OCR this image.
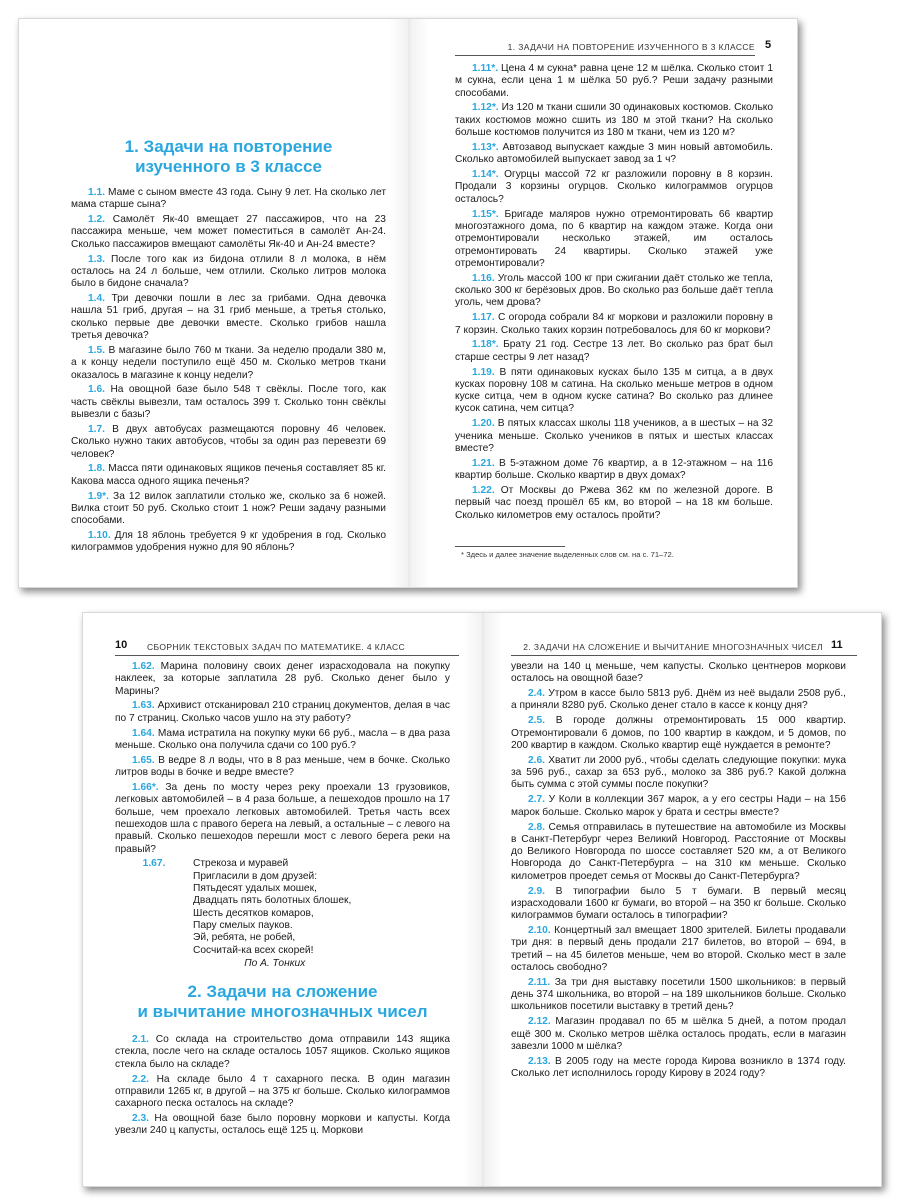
1. Задачи на повторение
изученного в 3 классе
1.1. Маме с сыном вместе 43 года. Сыну 9 лет. На сколько лет мама старше сына?
1.2. Самолёт Як-40 вмещает 27 пассажиров, что на 23 пассажира меньше, чем может поместиться в самолёт Ан-24. Сколько пассажиров вмещают самолёты Як-40 и Ан-24 вместе?
1.3. После того как из бидона отлили 8 л молока, в нём осталось на 24 л больше, чем отлили. Сколько литров молока было в бидоне сначала?
1.4. Три девочки пошли в лес за грибами. Одна девочка нашла 51 гриб, другая – на 31 гриб меньше, а третья столько, сколько первые две девочки вместе. Сколько грибов нашла третья девочка?
1.5. В магазине было 760 м ткани. За неделю продали 380 м, а к концу недели поступило ещё 450 м. Сколько метров ткани оказалось в магазине к концу недели?
1.6. На овощной базе было 548 т свёклы. После того, как часть свёклы вывезли, там осталось 399 т. Сколько тонн свёклы вывезли с базы?
1.7. В двух автобусах размещаются поровну 46 человек. Сколько нужно таких автобусов, чтобы за один раз перевезти 69 человек?
1.8. Масса пяти одинаковых ящиков печенья составляет 85 кг. Какова масса одного ящика печенья?
1.9*. За 12 вилок заплатили столько же, сколько за 6 ножей. Вилка стоит 50 руб. Сколько стоит 1 нож? Реши задачу разными способами.
1.10. Для 18 яблонь требуется 9 кг удобрения в год. Сколько килограммов удобрения нужно для 90 яблонь?
1. ЗАДАЧИ НА ПОВТОРЕНИЕ ИЗУЧЕННОГО В 3 КЛАССЕ 5
1.11*. Цена 4 м сукна* равна цене 12 м шёлка. Сколько стоит 1 м сукна, если цена 1 м шёлка 50 руб.? Реши задачу разными способами.
1.12*. Из 120 м ткани сшили 30 одинаковых костюмов. Сколько таких костюмов можно сшить из 180 м этой ткани? На сколько больше костюмов получится из 180 м ткани, чем из 120 м?
1.13*. Автозавод выпускает каждые 3 мин новый автомобиль. Сколько автомобилей выпускает завод за 1 ч?
1.14*. Огурцы массой 72 кг разложили поровну в 8 корзин. Продали 3 корзины огурцов. Сколько килограммов огурцов осталось?
1.15*. Бригаде маляров нужно отремонтировать 66 квартир многоэтажного дома, по 6 квартир на каждом этаже. Когда они отремонтировали несколько этажей, им осталось отремонтировать 24 квартиры. Сколько этажей уже отремонтировали?
1.16. Уголь массой 100 кг при сжигании даёт столько же тепла, сколько 300 кг берёзовых дров. Во сколько раз больше даёт тепла уголь, чем дрова?
1.17. С огорода собрали 84 кг моркови и разложили поровну в 7 корзин. Сколько таких корзин потребовалось для 60 кг моркови?
1.18*. Брату 21 год. Сестре 13 лет. Во сколько раз брат был старше сестры 9 лет назад?
1.19. В пяти одинаковых кусках было 135 м ситца, а в двух кусках поровну 108 м сатина. На сколько меньше метров в одном куске ситца, чем в одном куске сатина? Во сколько раз длинее кусок сатина, чем ситца?
1.20. В пятых классах школы 118 учеников, а в шестых – на 32 ученика меньше. Сколько учеников в пятых и шестых классах вместе?
1.21. В 5-этажном доме 76 квартир, а в 12-этажном – на 116 квартир больше. Сколько квартир в двух домах?
1.22. От Москвы до Ржева 362 км по железной дороге. В первый час поезд прошёл 65 км, во второй – на 18 км больше. Сколько километров ему осталось пройти?
* Здесь и далее значение выделенных слов см. на с. 71–72.
10 СБОРНИК ТЕКСТОВЫХ ЗАДАЧ ПО МАТЕМАТИКЕ. 4 КЛАСС
1.62. Марина половину своих денег израсходовала на покупку наклеек, за которые заплатила 28 руб. Сколько денег было у Марины?
1.63. Архивист отсканировал 210 страниц документов, делая в час по 7 страниц. Сколько часов ушло на эту работу?
1.64. Мама истратила на покупку муки 66 руб., масла – в два раза меньше. Сколько она получила сдачи со 100 руб.?
1.65. В ведре 8 л воды, что в 8 раз меньше, чем в бочке. Сколько литров воды в бочке и ведре вместе?
1.66*. За день по мосту через реку проехали 13 грузовиков, легковых автомобилей – в 4 раза больше, а пешеходов прошло на 17 больше, чем проехало легковых автомобилей. Третья часть всех пешеходов шла с правого берега на левый, а остальные – с левого на правый. Сколько пешеходов перешли мост с левого берега реки на правый?
1.67.	Стрекоза и муравей
Пригласили в дом друзей:
Пятьдесят удалых мошек,
Двадцать пять болотных блошек,
Шесть десятков комаров,
Пару смелых пауков.
Эй, ребята, не робей,
Сосчитай-ка всех скорей!
По А. Тонких
2. Задачи на сложение
и вычитание многозначных чисел
2.1. Со склада на строительство дома отправили 143 ящика стекла, после чего на складе осталось 1057 ящиков. Сколько ящиков стекла было на складе?
2.2. На складе было 4 т сахарного песка. В один магазин отправили 1265 кг, в другой – на 375 кг больше. Сколько килограммов сахарного песка осталось на складе?
2.3. На овощной базе было поровну моркови и капусты. Когда увезли 240 ц капусты, осталось ещё 125 ц. Моркови
2. ЗАДАЧИ НА СЛОЖЕНИЕ И ВЫЧИТАНИЕ МНОГОЗНАЧНЫХ ЧИСЕЛ 11
увезли на 140 ц меньше, чем капусты. Сколько центнеров моркови осталось на овощной базе?
2.4. Утром в кассе было 5813 руб. Днём из неё выдали 2508 руб., а приняли 8280 руб. Сколько денег стало в кассе к концу дня?
2.5. В городе должны отремонтировать 15 000 квартир. Отремонтировали 6 домов, по 100 квартир в каждом, и 5 домов, по 200 квартир в каждом. Сколько квартир ещё нуждается в ремонте?
2.6. Хватит ли 2000 руб., чтобы сделать следующие покупки: мука за 596 руб., сахар за 653 руб., молоко за 386 руб.? Какой должна быть сумма с этой суммы после покупки?
2.7. У Коли в коллекции 367 марок, а у его сестры Нади – на 156 марок больше. Сколько марок у брата и сестры вместе?
2.8. Семья отправилась в путешествие на автомобиле из Москвы в Санкт-Петербург через Великий Новгород. Расстояние от Москвы до Великого Новгорода по шоссе составляет 520 км, а от Великого Новгорода до Санкт-Петербурга – на 310 км меньше. Сколько километров проедет семья от Москвы до Санкт-Петербурга?
2.9. В типографии было 5 т бумаги. В первый месяц израсходовали 1600 кг бумаги, во второй – на 350 кг больше. Сколько килограммов бумаги осталось в типографии?
2.10. Концертный зал вмещает 1800 зрителей. Билеты продавали три дня: в первый день продали 217 билетов, во второй – 694, в третий – на 45 билетов меньше, чем во второй. Сколько мест в зале осталось свободно?
2.11. За три дня выставку посетили 1500 школьников: в первый день 374 школьника, во второй – на 189 школьников больше. Сколько школьников посетили выставку в третий день?
2.12. Магазин продавал по 65 м шёлка 5 дней, а потом продал ещё 300 м. Сколько метров шёлка осталось продать, если в магазин завезли 1000 м шёлка?
2.13. В 2005 году на месте города Кирова возникло в 1374 году. Сколько лет исполнилось городу Кирову в 2024 году?
